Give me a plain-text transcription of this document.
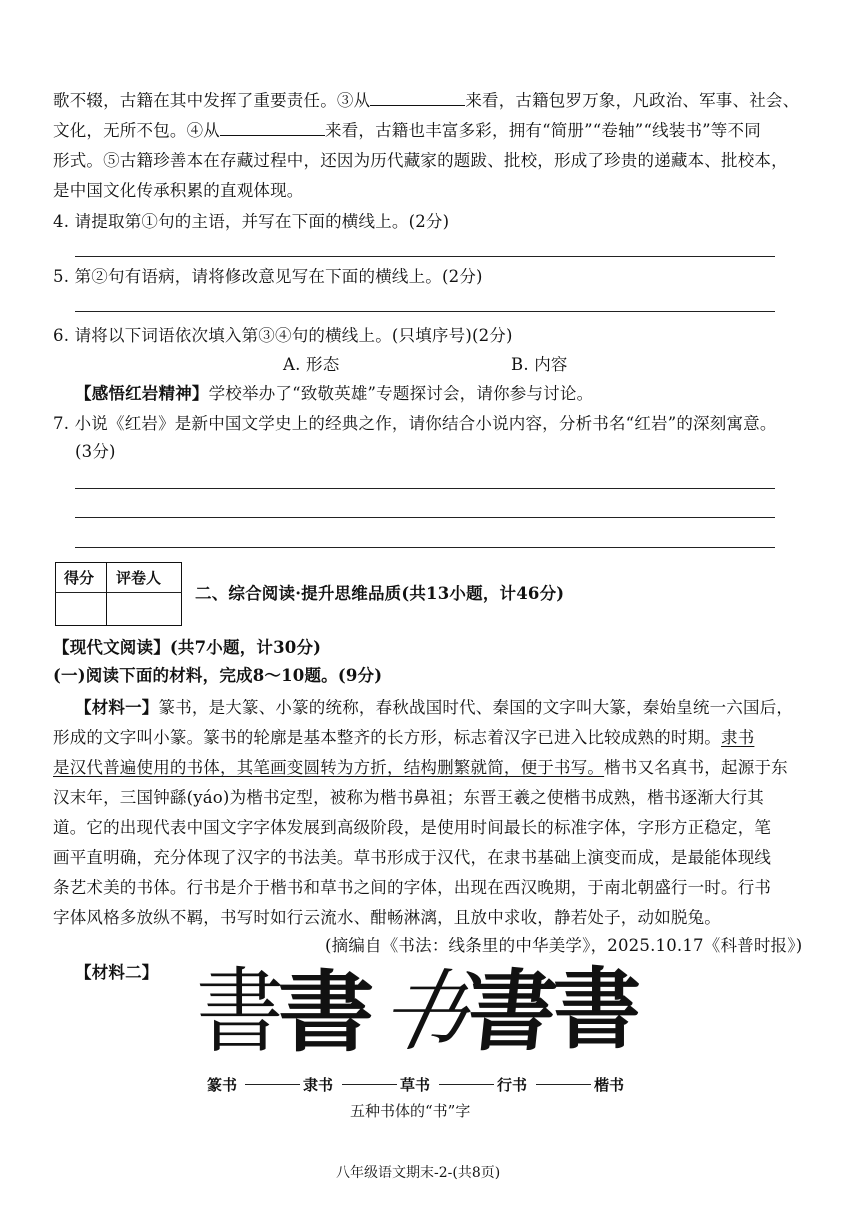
歌不辍，古籍在其中发挥了重要责任。③从	来看，古籍包罗万象，凡政治、军事、社会、
文化，无所不包。④从	来看，古籍也丰富多彩，拥有“简册”“卷轴”“线装书”等不同
形式。⑤古籍珍善本在存藏过程中，还因为历代藏家的题跋、批校，形成了珍贵的递藏本、批校本，
是中国文化传承积累的直观体现。
4. 请提取第①句的主语，并写在下面的横线上。(2分)
5. 第②句有语病，请将修改意见写在下面的横线上。(2分)
6. 请将以下词语依次填入第③④句的横线上。(只填序号)(2分)
A. 形态	B. 内容
【感悟红岩精神】学校举办了“致敬英雄”专题探讨会，请你参与讨论。
7. 小说《红岩》是新中国文学史上的经典之作，请你结合小说内容，分析书名“红岩”的深刻寓意。
(3分)
得分 评卷人
二、综合阅读·提升思维品质(共13小题，计46分)
【现代文阅读】(共7小题，计30分)
(一)阅读下面的材料，完成8～10题。(9分)
【材料一】篆书，是大篆、小篆的统称，春秋战国时代、秦国的文字叫大篆，秦始皇统一六国后，
形成的文字叫小篆。篆书的轮廓是基本整齐的长方形，标志着汉字已进入比较成熟的时期。隶书
是汉代普遍使用的书体，其笔画变圆转为方折，结构删繁就简，便于书写。楷书又名真书，起源于东
汉末年，三国钟繇(yáo)为楷书定型，被称为楷书鼻祖；东晋王羲之使楷书成熟，楷书逐渐大行其
道。它的出现代表中国文字字体发展到高级阶段，是使用时间最长的标准字体，字形方正稳定，笔
画平直明确，充分体现了汉字的书法美。草书形成于汉代，在隶书基础上演变而成，是最能体现线
条艺术美的书体。行书是介于楷书和草书之间的字体，出现在西汉晚期，于南北朝盛行一时。行书
字体风格多放纵不羁，书写时如行云流水、酣畅淋漓，且放中求收，静若处子，动如脱兔。
(摘编自《书法：线条里的中华美学》，2025.10.17《科普时报》)
【材料二】 書
書
书
書
書
篆书	隶书	草书	行书	楷书
五种书体的“书”字
八年级语文期末-2-(共8页)
